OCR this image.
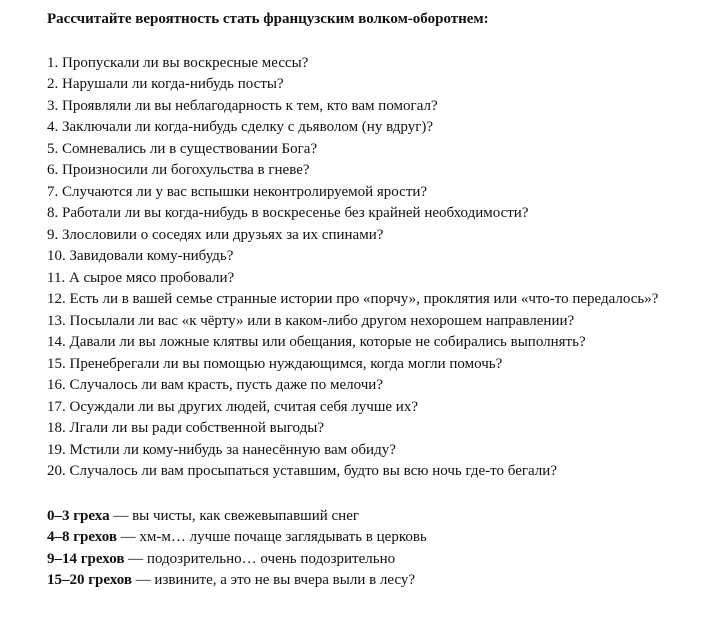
Рассчитайте вероятность стать французским волком-оборотнем:

1. Пропускали ли вы воскресные мессы?
2. Нарушали ли когда-нибудь посты?
3. Проявляли ли вы неблагодарность к тем, кто вам помогал?
4. Заключали ли когда-нибудь сделку с дьяволом (ну вдруг)?
5. Сомневались ли в существовании Бога?
6. Произносили ли богохульства в гневе?
7. Случаются ли у вас вспышки неконтролируемой ярости?
8. Работали ли вы когда-нибудь в воскресенье без крайней необходимости?
9. Злословили о соседях или друзьях за их спинами?
10. Завидовали кому-нибудь?
11. А сырое мясо пробовали?
12. Есть ли в вашей семье странные истории про «порчу», проклятия или «что-то передалось»?
13. Посылали ли вас «к чёрту» или в каком-либо другом нехорошем направлении?
14. Давали ли вы ложные клятвы или обещания, которые не собирались выполнять?
15. Пренебрегали ли вы помощью нуждающимся, когда могли помочь?
16. Случалось ли вам красть, пусть даже по мелочи?
17. Осуждали ли вы других людей, считая себя лучше их?
18. Лгали ли вы ради собственной выгоды?
19. Мстили ли кому-нибудь за нанесённую вам обиду?
20. Случалось ли вам просыпаться уставшим, будто вы всю ночь где-то бегали?
0–3 греха — вы чисты, как свежевыпавший снег
4–8 грехов — хм-м… лучше почаще заглядывать в церковь
9–14 грехов — подозрительно… очень подозрительно
15–20 грехов — извините, а это не вы вчера выли в лесу?
